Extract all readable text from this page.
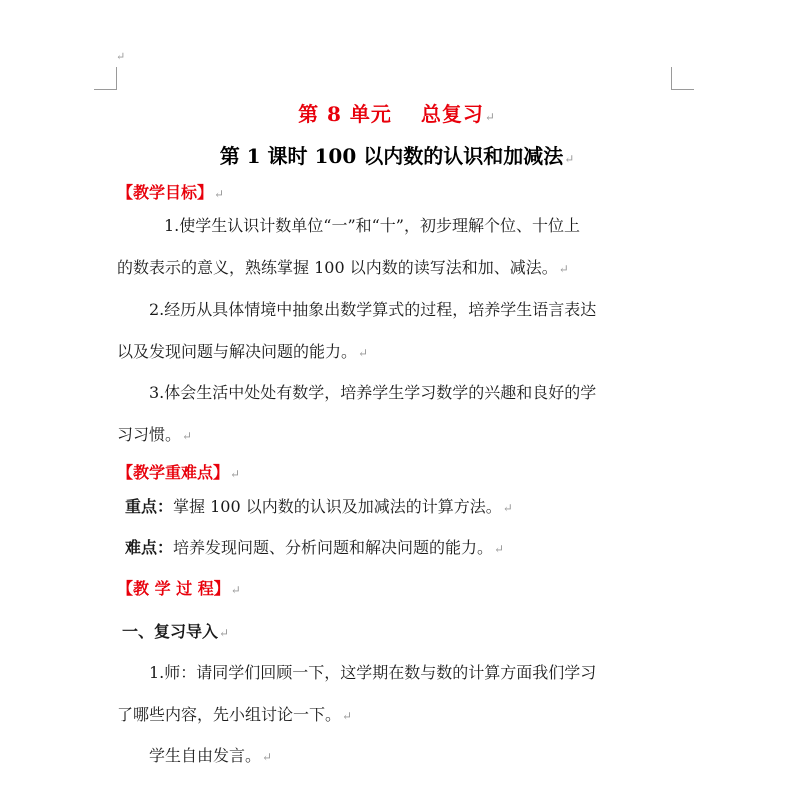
↵
第 8 单元　 总复习↵
第 1 课时 100 以内数的认识和加减法↵
【教学目标】↵
1.使学生认识计数单位“一”和“十”，初步理解个位、十位上
的数表示的意义，熟练掌握 100 以内数的读写法和加、减法。↵
2.经历从具体情境中抽象出数学算式的过程，培养学生语言表达
以及发现问题与解决问题的能力。↵
3.体会生活中处处有数学，培养学生学习数学的兴趣和良好的学
习习惯。↵
【教学重难点】↵
重点：掌握 100 以内数的认识及加减法的计算方法。↵
难点：培养发现问题、分析问题和解决问题的能力。↵
【教 学 过 程】↵
一、复习导入↵
1.师：请同学们回顾一下，这学期在数与数的计算方面我们学习
了哪些内容，先小组讨论一下。↵
学生自由发言。↵
